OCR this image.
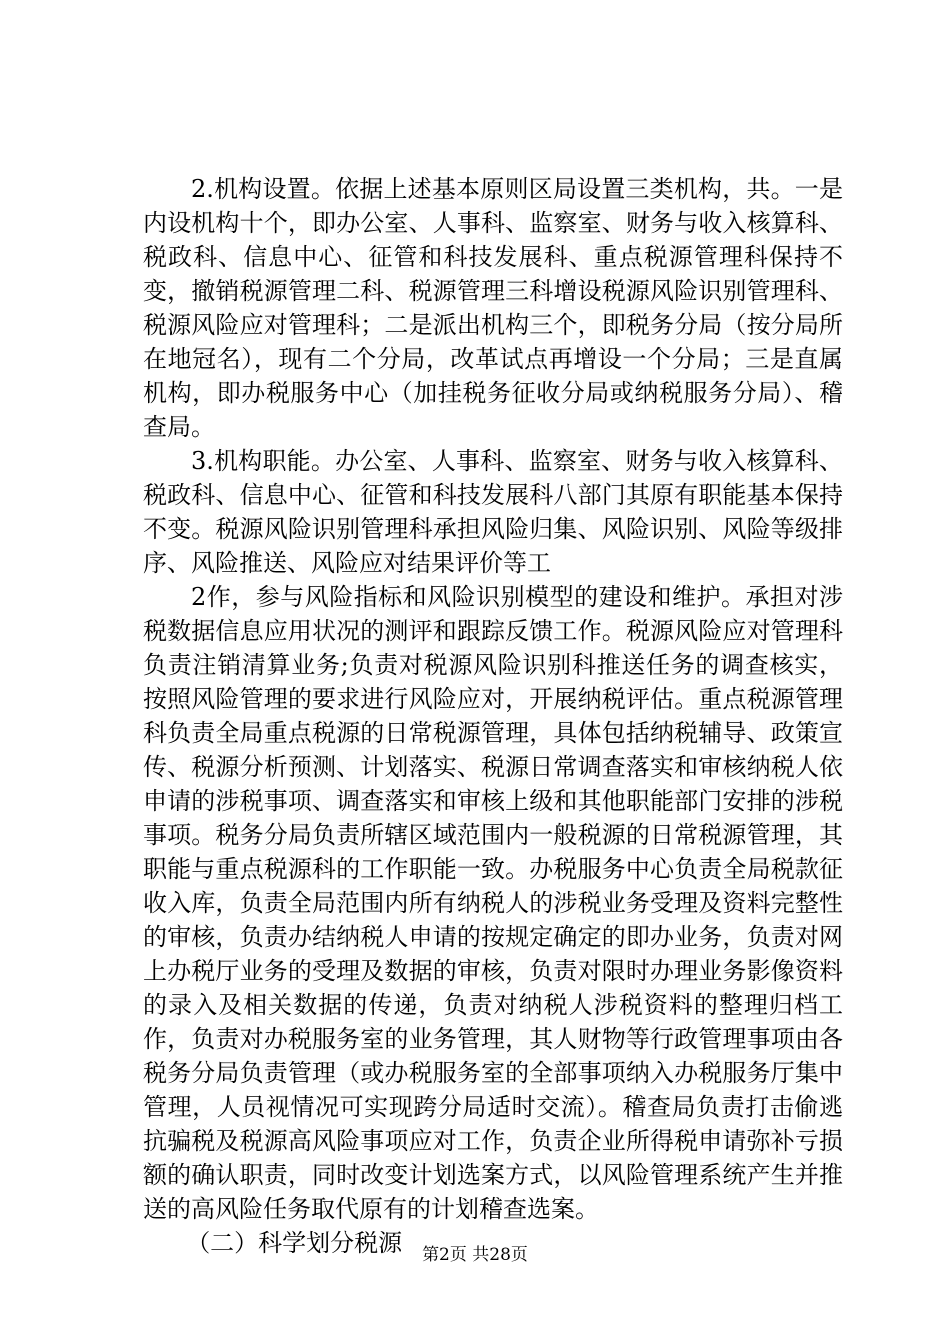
2.机构设置。依据上述基本原则区局设置三类机构，共。一是内设机构十个，即办公室、人事科、监察室、财务与收入核算科、税政科、信息中心、征管和科技发展科、重点税源管理科保持不变，撤销税源管理二科、税源管理三科增设税源风险识别管理科、税源风险应对管理科；二是派出机构三个，即税务分局（按分局所在地冠名），现有二个分局，改革试点再增设一个分局；三是直属机构，即办税服务中心（加挂税务征收分局或纳税服务分局）、稽查局。

3.机构职能。办公室、人事科、监察室、财务与收入核算科、税政科、信息中心、征管和科技发展科八部门其原有职能基本保持不变。税源风险识别管理科承担风险归集、风险识别、风险等级排序、风险推送、风险应对结果评价等工

2作，参与风险指标和风险识别模型的建设和维护。承担对涉税数据信息应用状况的测评和跟踪反馈工作。税源风险应对管理科负责注销清算业务;负责对税源风险识别科推送任务的调查核实，按照风险管理的要求进行风险应对，开展纳税评估。重点税源管理科负责全局重点税源的日常税源管理，具体包括纳税辅导、政策宣传、税源分析预测、计划落实、税源日常调查落实和审核纳税人依申请的涉税事项、调查落实和审核上级和其他职能部门安排的涉税事项。税务分局负责所辖区域范围内一般税源的日常税源管理，其职能与重点税源科的工作职能一致。办税服务中心负责全局税款征收入库，负责全局范围内所有纳税人的涉税业务受理及资料完整性的审核，负责办结纳税人申请的按规定确定的即办业务，负责对网上办税厅业务的受理及数据的审核，负责对限时办理业务影像资料的录入及相关数据的传递，负责对纳税人涉税资料的整理归档工作，负责对办税服务室的业务管理，其人财物等行政管理事项由各税务分局负责管理（或办税服务室的全部事项纳入办税服务厅集中管理，人员视情况可实现跨分局适时交流）。稽查局负责打击偷逃抗骗税及税源高风险事项应对工作，负责企业所得税申请弥补亏损额的确认职责，同时改变计划选案方式，以风险管理系统产生并推送的高风险任务取代原有的计划稽查选案。

（二）科学划分税源	第2页 共28页
